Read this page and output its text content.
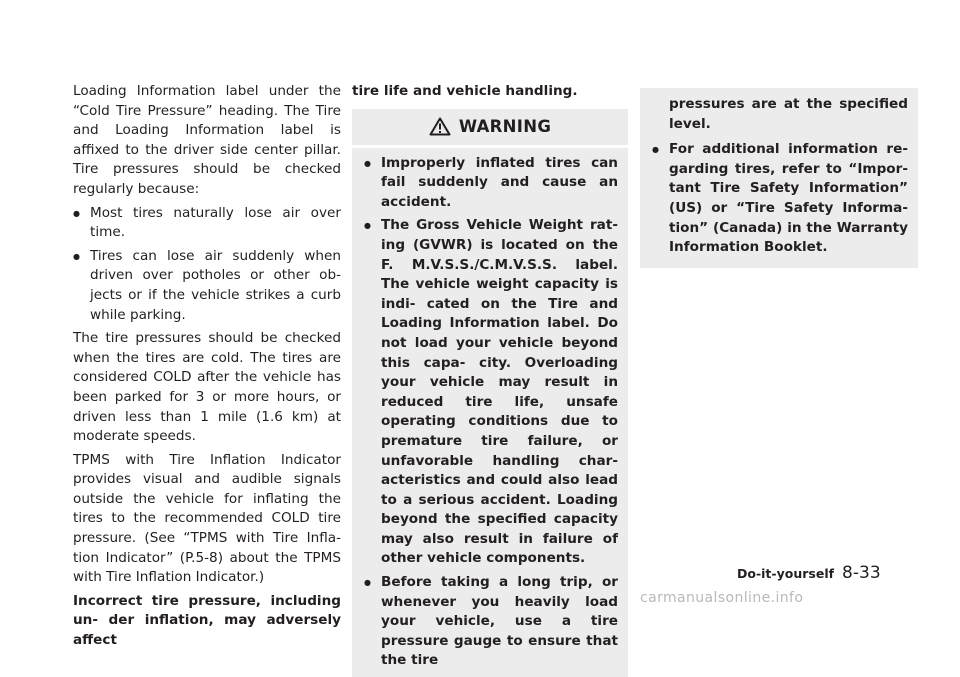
Loading Information label under the “Cold Tire Pressure” heading. The Tire and Loading Information label is affixed to the driver side center pillar. Tire pressures should be checked regularly because:

● Most tires naturally lose air over time.
● Tires can lose air suddenly when driven over potholes or other ob- jects or if the vehicle strikes a curb while parking.

The tire pressures should be checked when the tires are cold. The tires are considered COLD after the vehicle has been parked for 3 or more hours, or driven less than 1 mile (1.6 km) at moderate speeds.

TPMS with Tire Inflation Indicator provides visual and audible signals outside the vehicle for inflating the tires to the recommended COLD tire pressure. (See “TPMS with Tire Infla- tion Indicator” (P.5-8) about the TPMS with Tire Inflation Indicator.)

Incorrect tire pressure, including un- der inflation, may adversely affect

tire life and vehicle handling.

WARNING
● Improperly inflated tires can fail suddenly and cause an accident.
● The Gross Vehicle Weight rat- ing (GVWR) is located on the F. M.V.S.S./C.M.V.S.S. label. The vehicle weight capacity is indi- cated on the Tire and Loading Information label. Do not load your vehicle beyond this capa- city. Overloading your vehicle may result in reduced tire life, unsafe operating conditions due to premature tire failure, or unfavorable handling char- acteristics and could also lead to a serious accident. Loading beyond the specified capacity may also result in failure of other vehicle components.
● Before taking a long trip, or whenever you heavily load your vehicle, use a tire pressure gauge to ensure that the tire

pressures are at the specified level.

● For additional information re- garding tires, refer to “Impor- tant Tire Safety Information” (US) or “Tire Safety Informa- tion” (Canada) in the Warranty Information Booklet.
Do-it-yourself 8-33
carmanualsonline.info
